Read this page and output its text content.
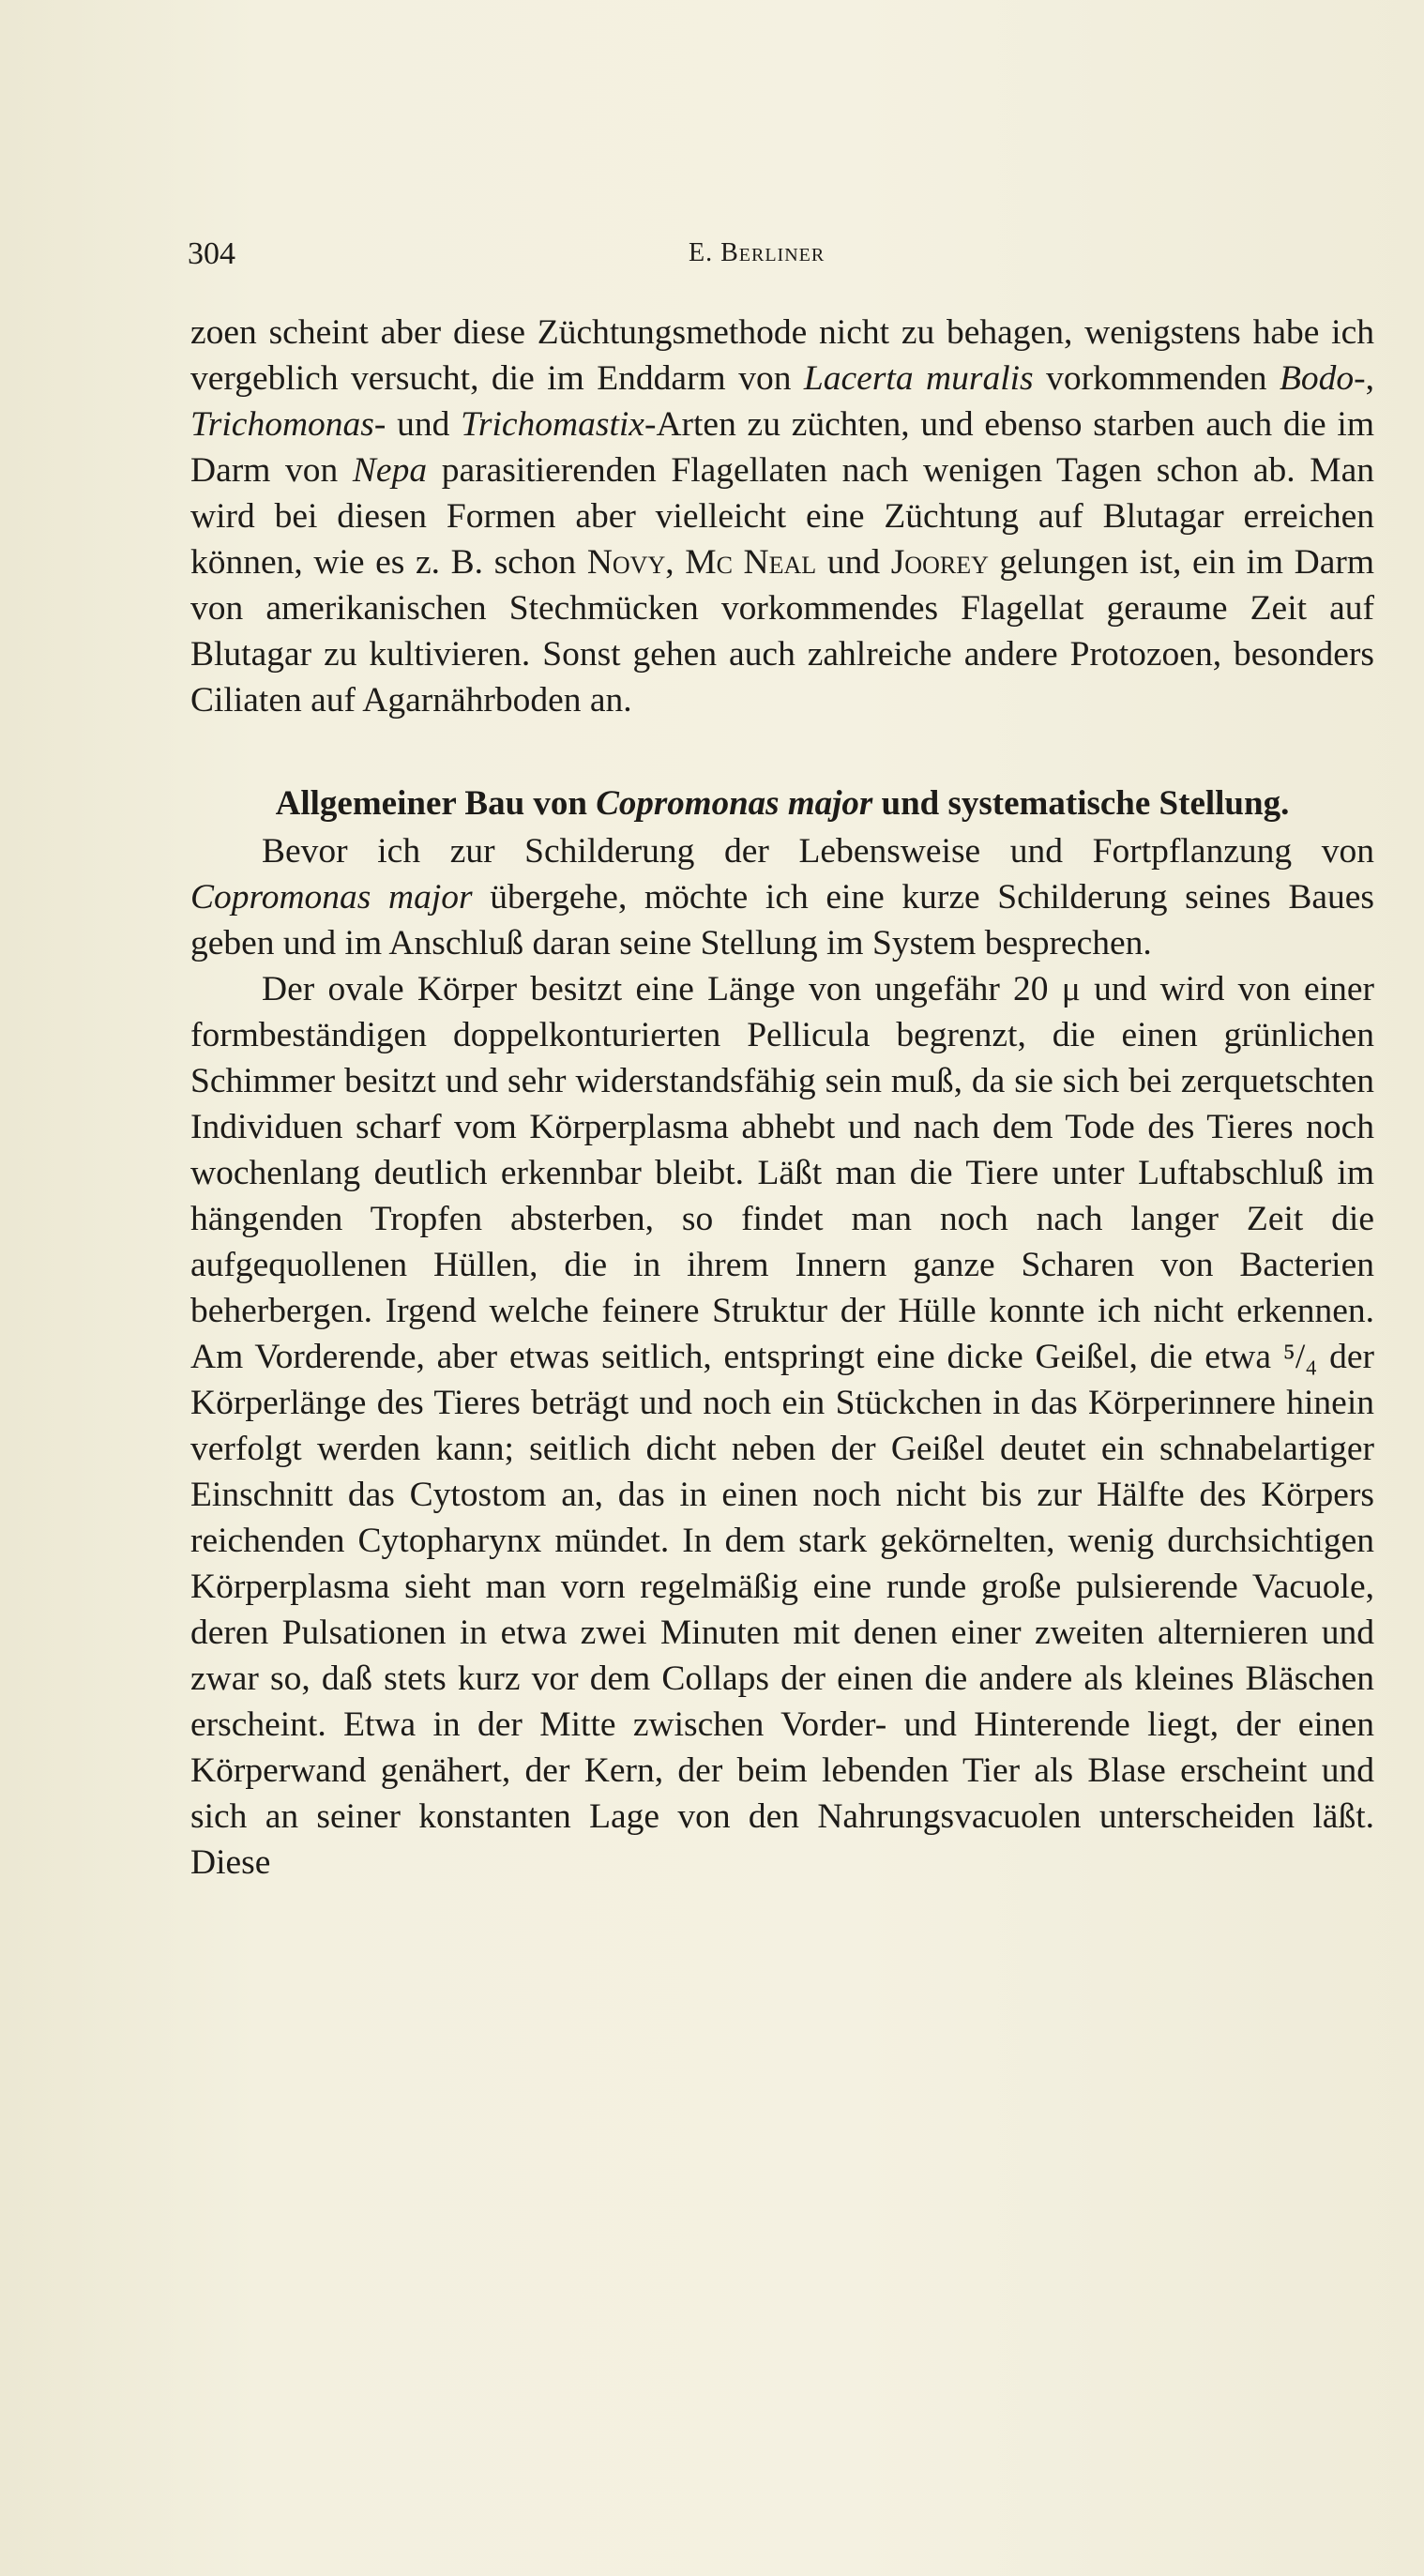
304	E. Berliner

zoen scheint aber diese Züchtungsmethode nicht zu behagen, wenigstens habe ich vergeblich versucht, die im Enddarm von Lacerta muralis vorkommenden Bodo-, Trichomonas- und Trichomastix-Arten zu züchten, und ebenso starben auch die im Darm von Nepa parasitierenden Flagellaten nach wenigen Tagen schon ab. Man wird bei diesen Formen aber vielleicht eine Züchtung auf Blutagar erreichen können, wie es z. B. schon Novy, Mc Neal und Joorey gelungen ist, ein im Darm von amerikanischen Stechmücken vorkommendes Flagellat geraume Zeit auf Blutagar zu kultivieren. Sonst gehen auch zahlreiche andere Protozoen, besonders Ciliaten auf Agarnährboden an.

Allgemeiner Bau von Copromonas major und systematische Stellung.

Bevor ich zur Schilderung der Lebensweise und Fortpflanzung von Copromonas major übergehe, möchte ich eine kurze Schilderung seines Baues geben und im Anschluß daran seine Stellung im System besprechen.

Der ovale Körper besitzt eine Länge von ungefähr 20 μ und wird von einer formbeständigen doppelkonturierten Pellicula begrenzt, die einen grünlichen Schimmer besitzt und sehr widerstandsfähig sein muß, da sie sich bei zerquetschten Individuen scharf vom Körperplasma abhebt und nach dem Tode des Tieres noch wochenlang deutlich erkennbar bleibt. Läßt man die Tiere unter Luftabschluß im hängenden Tropfen absterben, so findet man noch nach langer Zeit die aufgequollenen Hüllen, die in ihrem Innern ganze Scharen von Bacterien beherbergen. Irgend welche feinere Struktur der Hülle konnte ich nicht erkennen. Am Vorderende, aber etwas seitlich, entspringt eine dicke Geißel, die etwa ⁵/₄ der Körperlänge des Tieres beträgt und noch ein Stückchen in das Körperinnere hinein verfolgt werden kann; seitlich dicht neben der Geißel deutet ein schnabelartiger Einschnitt das Cytostom an, das in einen noch nicht bis zur Hälfte des Körpers reichenden Cytopharynx mündet. In dem stark gekörnelten, wenig durchsichtigen Körperplasma sieht man vorn regelmäßig eine runde große pulsierende Vacuole, deren Pulsationen in etwa zwei Minuten mit denen einer zweiten alternieren und zwar so, daß stets kurz vor dem Collaps der einen die andere als kleines Bläschen erscheint. Etwa in der Mitte zwischen Vorder- und Hinterende liegt, der einen Körperwand genähert, der Kern, der beim lebenden Tier als Blase erscheint und sich an seiner konstanten Lage von den Nahrungsvacuolen unterscheiden läßt. Diese
